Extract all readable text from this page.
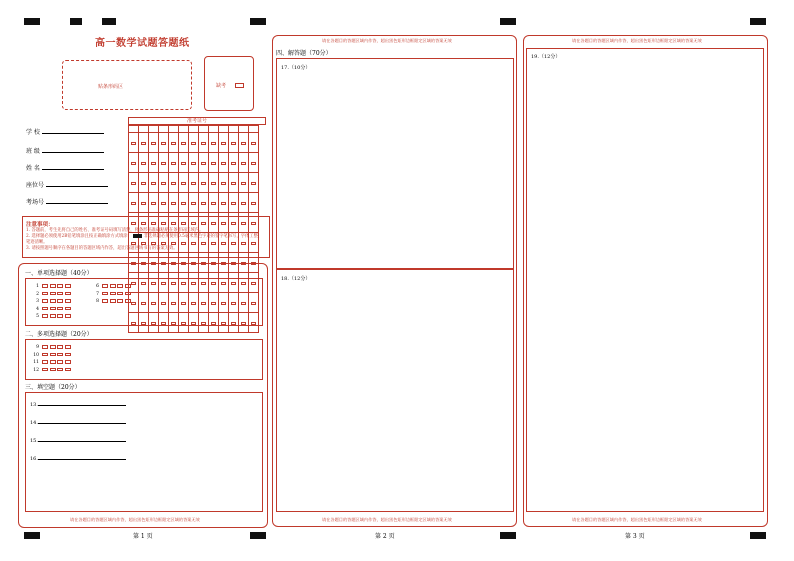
高一数学试题答题纸
贴条形码区	缺考
学 校
班 级
姓 名
座位号
考场号
准考证号

注意事项：
1. 答题前，考生先将自己的姓名、准考证号码填写清楚，将条形码准确粘贴在条形码区域内。
2. 选择题必须使用2B铅笔填涂且按正确填涂方式填涂：	非选择题必须使用0.5毫米黑色字迹的签字笔书写，字体工整、笔迹清晰。
3. 请按照题号顺序在各题目的答题区域内作答，超出答题区域书写的答案无效。
一、单项选择题（40分）
1
2
3
4
5
6
7
8
二、多项选择题（20分）
9
10
11
12
三、填空题（20分）
13.
14.
15.
16.
请在各题目的答题区域内作答，超出黑色矩形边框限定区域的答案无效
第 1 页
请在各题目的答题区域内作答，超出黑色矩形边框限定区域的答案无效
四、解答题（70分）
17.（10分）
18.（12分）
请在各题目的答题区域内作答，超出黑色矩形边框限定区域的答案无效
第 2 页
请在各题目的答题区域内作答，超出黑色矩形边框限定区域的答案无效
19.（12分）
请在各题目的答题区域内作答，超出黑色矩形边框限定区域的答案无效
第 3 页
